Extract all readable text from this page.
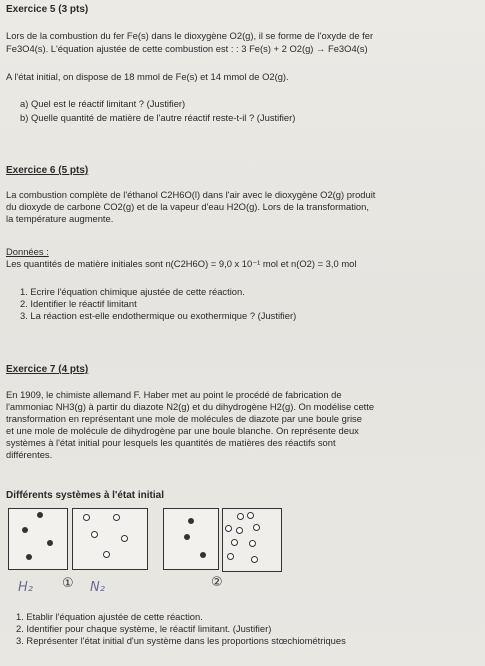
Exercice 5 (3 pts)
Lors de la combustion du fer Fe(s) dans le dioxygène O2(g), il se forme de l'oxyde de fer
Fe3O4(s). L'équation ajustée de cette combustion est : : 3 Fe(s) + 2 O2(g) → Fe3O4(s)
A l'état initial, on dispose de 18 mmol de Fe(s) et 14 mmol de O2(g).
a) Quel est le réactif limitant ? (Justifier)
b) Quelle quantité de matière de l'autre réactif reste-t-il ? (Justifier)
Exercice 6 (5 pts)
La combustion complète de l'éthanol C2H6O(l) dans l'air avec le dioxygène O2(g) produit
du dioxyde de carbone CO2(g) et de la vapeur d'eau H2O(g). Lors de la transformation,
la température augmente.
Données :
Les quantités de matière initiales sont n(C2H6O) = 9,0 x 10⁻¹ mol et n(O2) = 3,0 mol
1. Ecrire l'équation chimique ajustée de cette réaction.
2. Identifier le réactif limitant
3. La réaction est-elle endothermique ou exothermique ? (Justifier)
Exercice 7 (4 pts)
En 1909, le chimiste allemand F. Haber met au point le procédé de fabrication de
l'ammoniac NH3(g) à partir du diazote N2(g) et du dihydrogène H2(g). On modélise cette
transformation en représentant une mole de molécules de diazote par une boule grise
et une mole de molécule de dihydrogène par une boule blanche. On représente deux
systèmes à l'état initial pour lesquels les quantités de matières des réactifs sont
différentes.
Différents systèmes à l'état initial
H₂ ① N₂	②
1. Etablir l'équation ajustée de cette réaction.
2. Identifier pour chaque système, le réactif limitant. (Justifier)
3. Représenter l'état initial d'un système dans les proportions stœchiométriques
